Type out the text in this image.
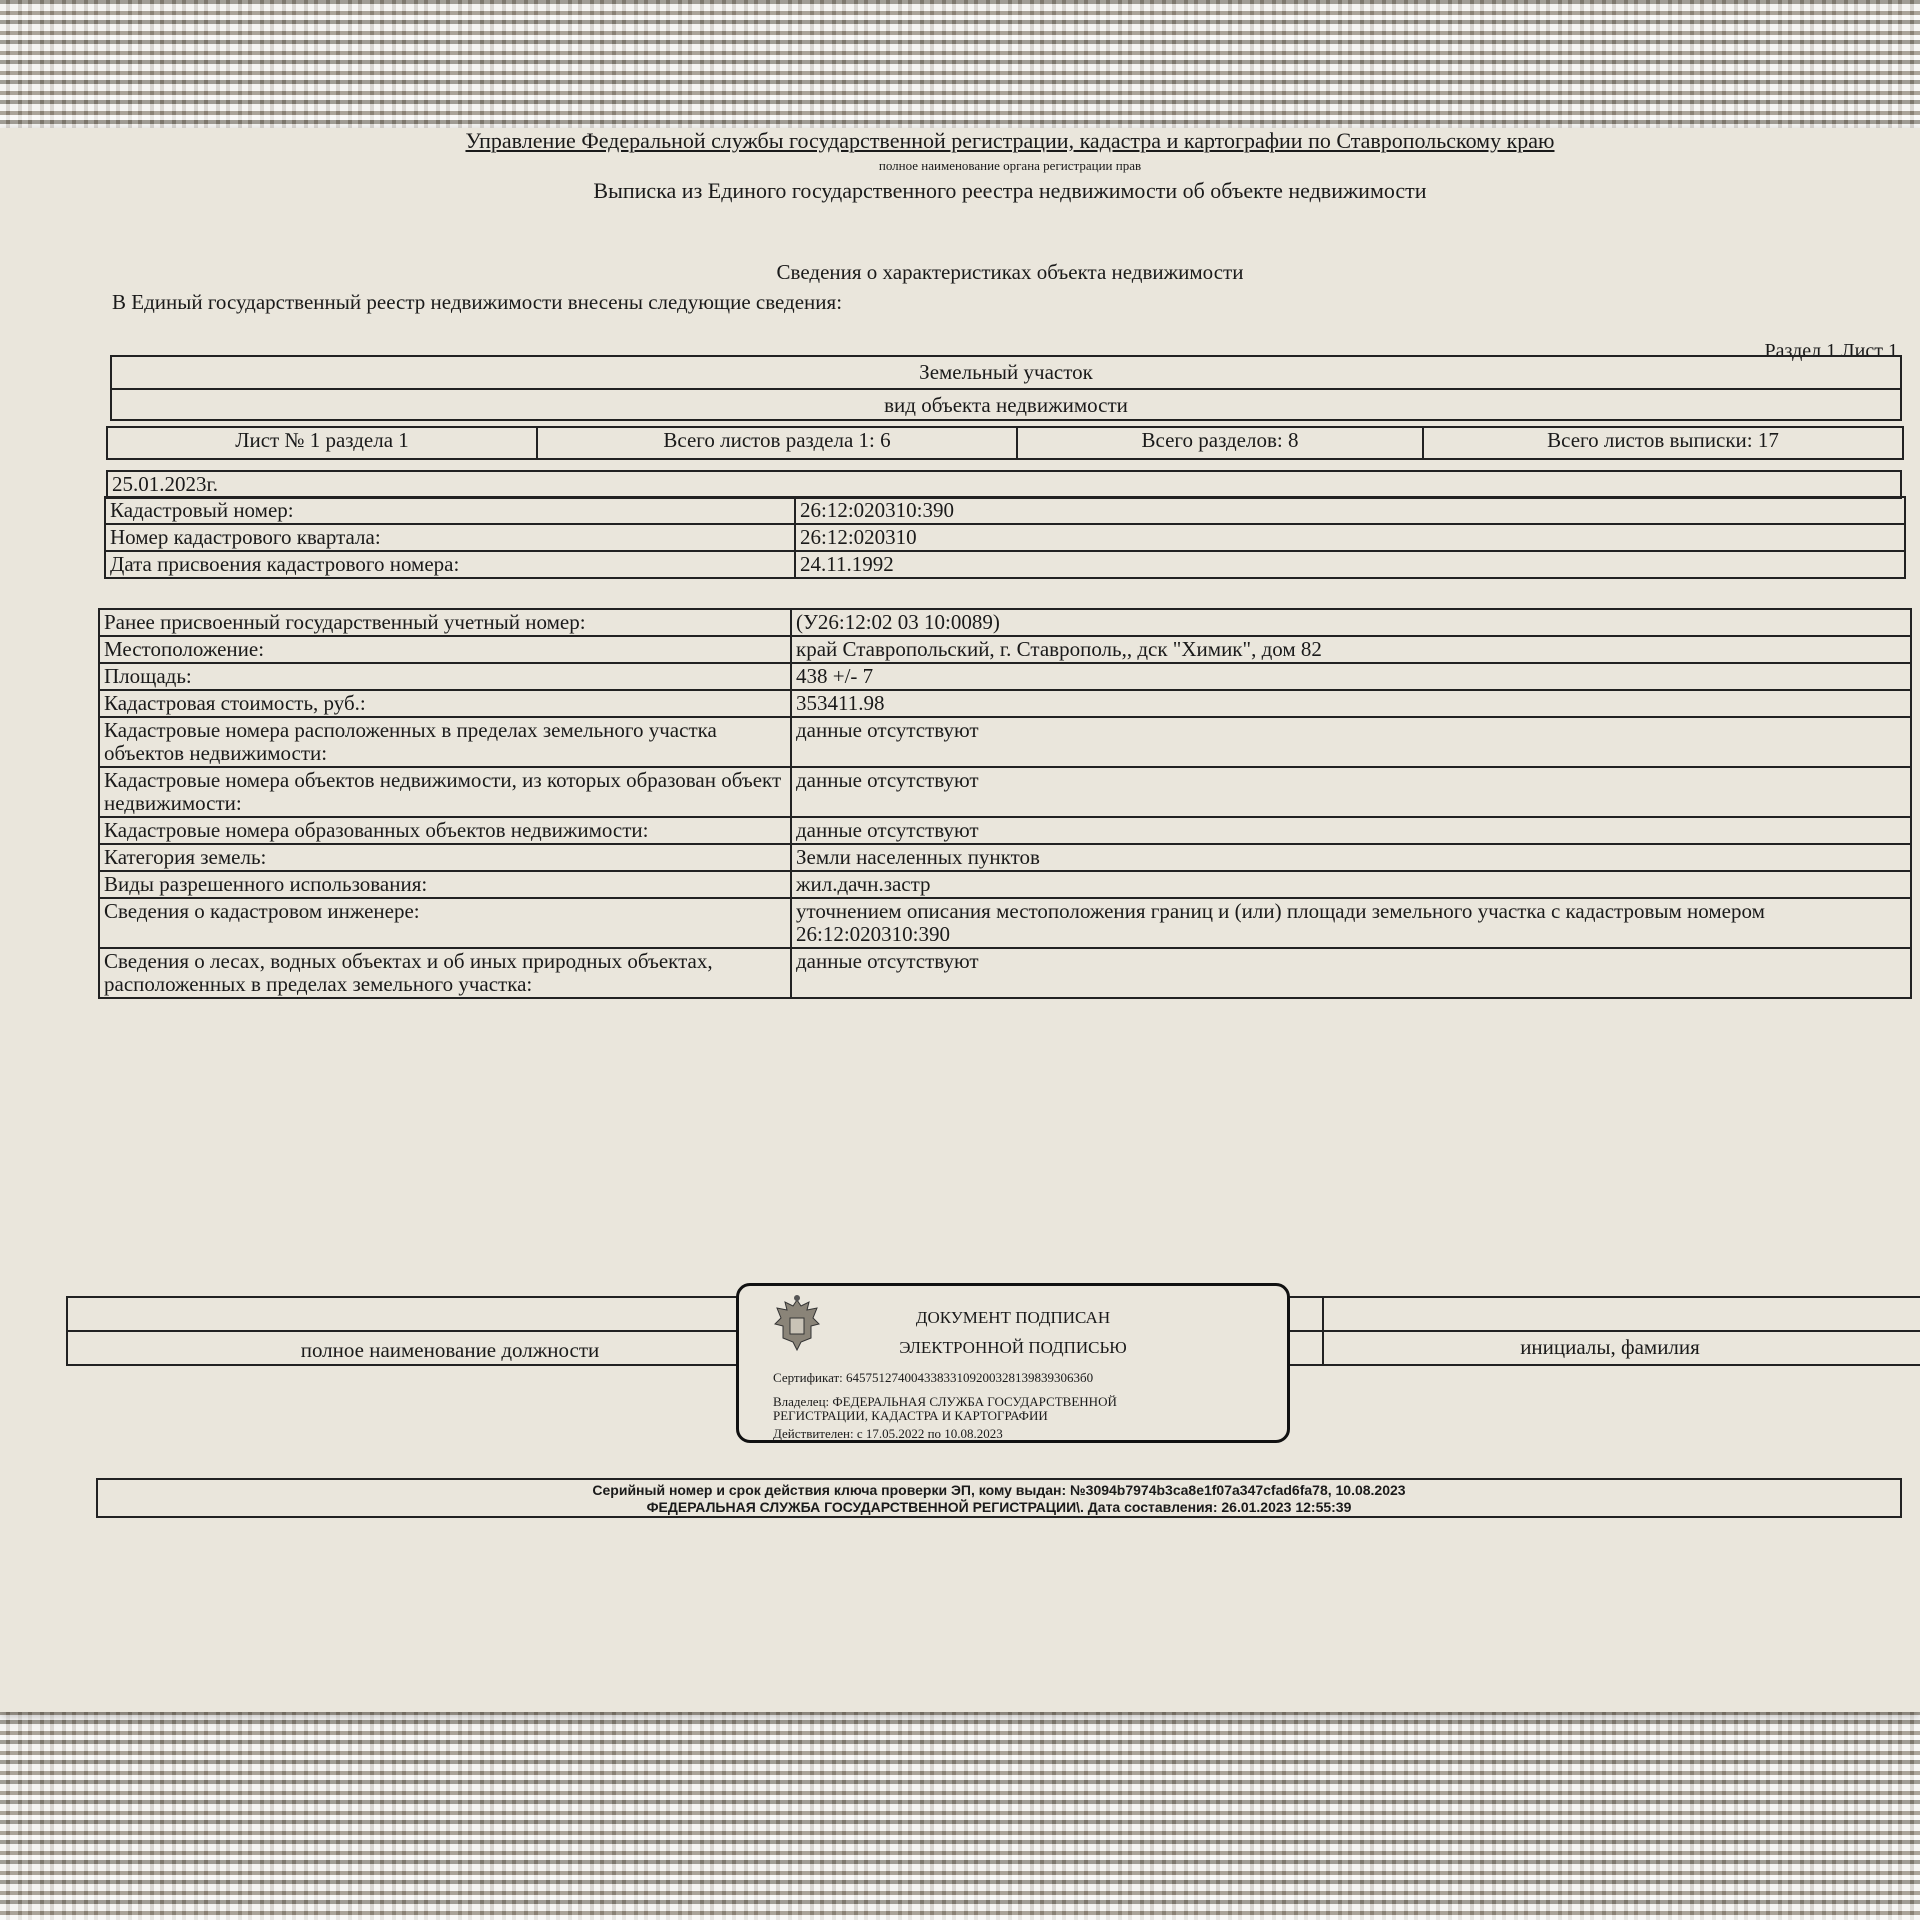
Управление Федеральной службы государственной регистрации, кадастра и картографии по Ставропольскому краю
полное наименование органа регистрации прав
Выписка из Единого государственного реестра недвижимости об объекте недвижимости
Сведения о характеристиках объекта недвижимости
В Единый государственный реестр недвижимости внесены следующие сведения:
Раздел 1 Лист 1
Земельный участок
вид объекта недвижимости
Лист № 1 раздела 1	Всего листов раздела 1: 6	Всего разделов: 8	Всего листов выписки: 17
25.01.2023г.
Кадастровый номер:	26:12:020310:390
Номер кадастрового квартала:	26:12:020310
Дата присвоения кадастрового номера:	24.11.1992
Ранее присвоенный государственный учетный номер:	(У26:12:02 03 10:0089)
Местоположение:	край Ставропольский, г. Ставрополь,, дск "Химик", дом 82
Площадь:	438 +/- 7
Кадастровая стоимость, руб.:	353411.98
Кадастровые номера расположенных в пределах земельного участка объектов недвижимости:	данные отсутствуют
Кадастровые номера объектов недвижимости, из которых образован объект недвижимости:	данные отсутствуют
Кадастровые номера образованных объектов недвижимости:	данные отсутствуют
Категория земель:	Земли населенных пунктов
Виды разрешенного использования:	жил.дачн.застр
Сведения о кадастровом инженере:	уточнением описания местоположения границ и (или) площади земельного участка с кадастровым номером 26:12:020310:390
Сведения о лесах, водных объектах и об иных природных объектах, расположенных в пределах земельного участка:	данные отсутствуют
полное наименование должности	инициалы, фамилия
ДОКУМЕНТ ПОДПИСАН
ЭЛЕКТРОННОЙ ПОДПИСЬЮ
Сертификат: 645751274004338331092003281398393063б0
Владелец: ФЕДЕРАЛЬНАЯ СЛУЖБА ГОСУДАРСТВЕННОЙ
РЕГИСТРАЦИИ, КАДАСТРА И КАРТОГРАФИИ
Действителен: с 17.05.2022 по 10.08.2023
Серийный номер и срок действия ключа проверки ЭП, кому выдан: №3094b7974b3ca8e1f07a347cfad6fa78, 10.08.2023
ФЕДЕРАЛЬНАЯ СЛУЖБА ГОСУДАРСТВЕННОЙ РЕГИСТРАЦИИ\. Дата составления: 26.01.2023 12:55:39
